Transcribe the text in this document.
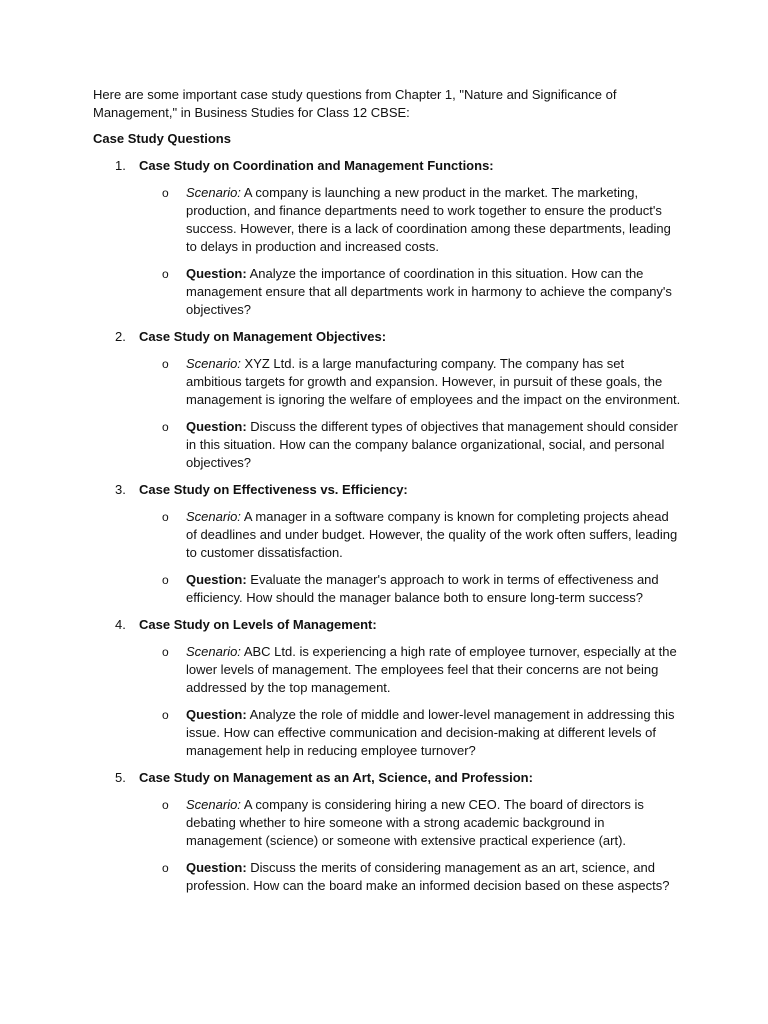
Here are some important case study questions from Chapter 1, "Nature and Significance of Management," in Business Studies for Class 12 CBSE:

Case Study Questions

1. Case Study on Coordination and Management Functions:
o Scenario: A company is launching a new product in the market. The marketing, production, and finance departments need to work together to ensure the product's success. However, there is a lack of coordination among these departments, leading to delays in production and increased costs.
o Question: Analyze the importance of coordination in this situation. How can the management ensure that all departments work in harmony to achieve the company's objectives?
2. Case Study on Management Objectives:
o Scenario: XYZ Ltd. is a large manufacturing company. The company has set ambitious targets for growth and expansion. However, in pursuit of these goals, the management is ignoring the welfare of employees and the impact on the environment.
o Question: Discuss the different types of objectives that management should consider in this situation. How can the company balance organizational, social, and personal objectives?
3. Case Study on Effectiveness vs. Efficiency:
o Scenario: A manager in a software company is known for completing projects ahead of deadlines and under budget. However, the quality of the work often suffers, leading to customer dissatisfaction.
o Question: Evaluate the manager's approach to work in terms of effectiveness and efficiency. How should the manager balance both to ensure long-term success?
4. Case Study on Levels of Management:
o Scenario: ABC Ltd. is experiencing a high rate of employee turnover, especially at the lower levels of management. The employees feel that their concerns are not being addressed by the top management.
o Question: Analyze the role of middle and lower-level management in addressing this issue. How can effective communication and decision-making at different levels of management help in reducing employee turnover?
5. Case Study on Management as an Art, Science, and Profession:
o Scenario: A company is considering hiring a new CEO. The board of directors is debating whether to hire someone with a strong academic background in management (science) or someone with extensive practical experience (art).
o Question: Discuss the merits of considering management as an art, science, and profession. How can the board make an informed decision based on these aspects?
